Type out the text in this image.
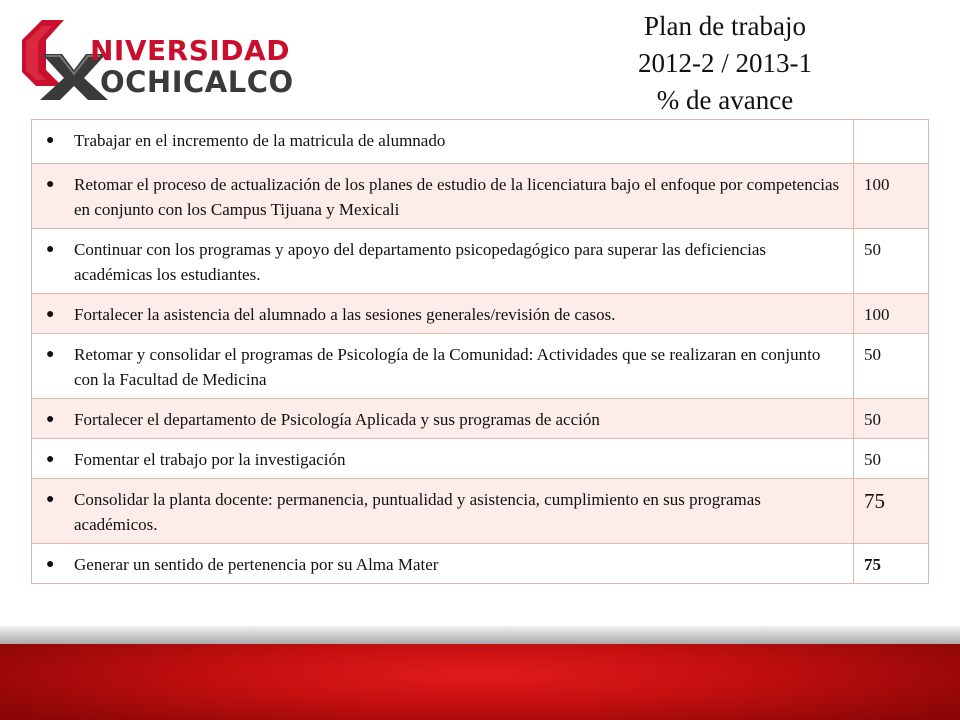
NIVERSIDAD
OCHICALCO
Plan de trabajo
2012-2 / 2013-1
% de avance
● Trabajar en el incremento de la matricula de alumnado	

● Retomar el proceso de actualización de los planes de estudio de la licenciatura bajo el enfoque por competencias en conjunto con los Campus Tijuana y Mexicali	100

● Continuar con los programas y apoyo del departamento psicopedagógico para superar las deficiencias académicas los estudiantes.	50

● Fortalecer la asistencia del alumnado a las sesiones generales/revisión de casos.	100

● Retomar y consolidar el programas de Psicología de la Comunidad: Actividades que se realizaran en conjunto con la Facultad de Medicina	50

● Fortalecer el departamento de Psicología Aplicada y sus programas de acción	50

● Fomentar el trabajo por la investigación	50

● Consolidar la planta docente: permanencia, puntualidad y asistencia, cumplimiento en sus programas académicos.	75

● Generar un sentido de pertenencia por su Alma Mater	75
